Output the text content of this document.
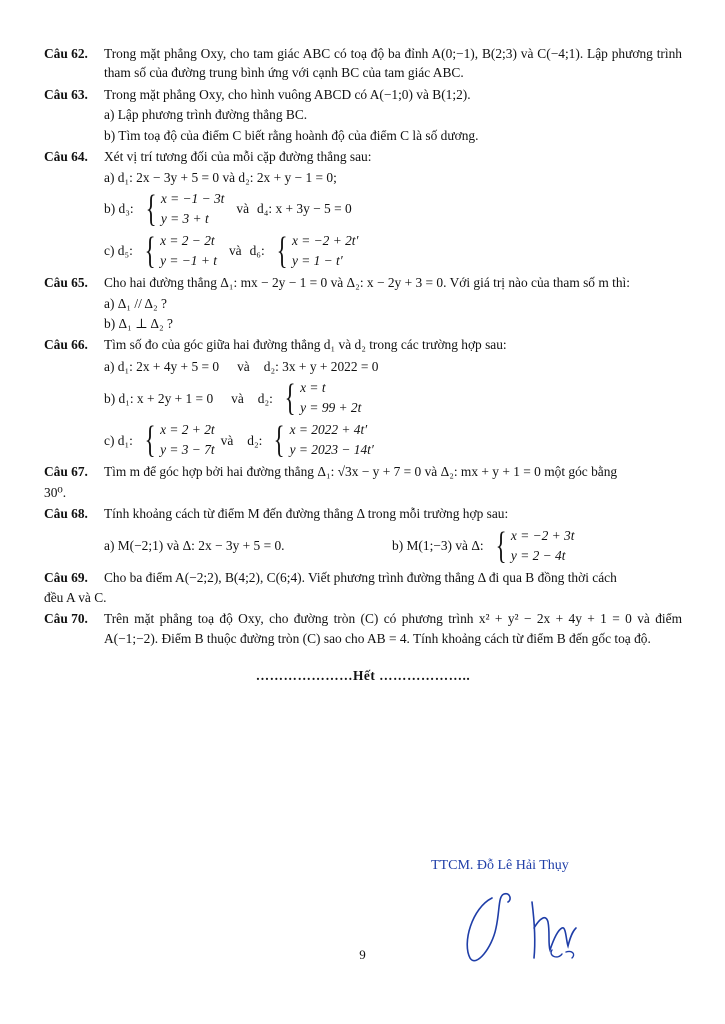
Câu 62. Trong mặt phẳng Oxy, cho tam giác ABC có toạ độ ba đỉnh A(0;−1), B(2;3) và C(−4;1). Lập phương trình tham số của đường trung bình ứng với cạnh BC của tam giác ABC.
Câu 63. Trong mặt phẳng Oxy, cho hình vuông ABCD có A(−1;0) và B(1;2).
a) Lập phương trình đường thẳng BC.
b) Tìm toạ độ của điểm C biết rằng hoành độ của điểm C là số dương.
Câu 64. Xét vị trí tương đối của mỗi cặp đường thẳng sau:
a) d₁: 2x − 3y + 5 = 0 và d₂: 2x + y − 1 = 0;
b) d₃: { x = −1 − 3t
y = 3 + t
và d₄: x + 3y − 5 = 0
c) d₅: { x = 2 − 2t
y = −1 + t
và d₆: { x = −2 + 2t′
y = 1 − t′
Câu 65. Cho hai đường thẳng Δ₁: mx − 2y − 1 = 0 và Δ₂: x − 2y + 3 = 0. Với giá trị nào của tham số m thì:
a) Δ₁ // Δ₂ ?
b) Δ₁ ⊥ Δ₂ ?
Câu 66. Tìm số đo của góc giữa hai đường thẳng d₁ và d₂ trong các trường hợp sau:
a) d₁: 2x + 4y + 5 = 0 và d₂: 3x + y + 2022 = 0
b) d₁: x + 2y + 1 = 0 và d₂: { x = t
y = 99 + 2t
c) d₁: { x = 2 + 2t
y = 3 − 7t
và d₂: { x = 2022 + 4t′
y = 2023 − 14t′
Câu 67. Tìm m để góc hợp bởi hai đường thẳng Δ₁: √3x − y + 7 = 0 và Δ₂: mx + y + 1 = 0 một góc bằng
30⁰.
Câu 68. Tính khoảng cách từ điểm M đến đường thẳng Δ trong mỗi trường hợp sau:
a) M(−2;1) và Δ: 2x − 3y + 5 = 0.	b) M(1;−3) và Δ: { x = −2 + 3t
y = 2 − 4t
Câu 69. Cho ba điểm A(−2;2), B(4;2), C(6;4). Viết phương trình đường thẳng Δ đi qua B đồng thời cách
đều A và C.
Câu 70. Trên mặt phẳng toạ độ Oxy, cho đường tròn (C) có phương trình x² + y² − 2x + 4y + 1 = 0 và điểm A(−1;−2). Điểm B thuộc đường tròn (C) sao cho AB = 4. Tính khoảng cách từ điểm B đến gốc toạ độ.
…………………Hết ………………..
TTCM. Đỗ Lê Hải Thụy
9
